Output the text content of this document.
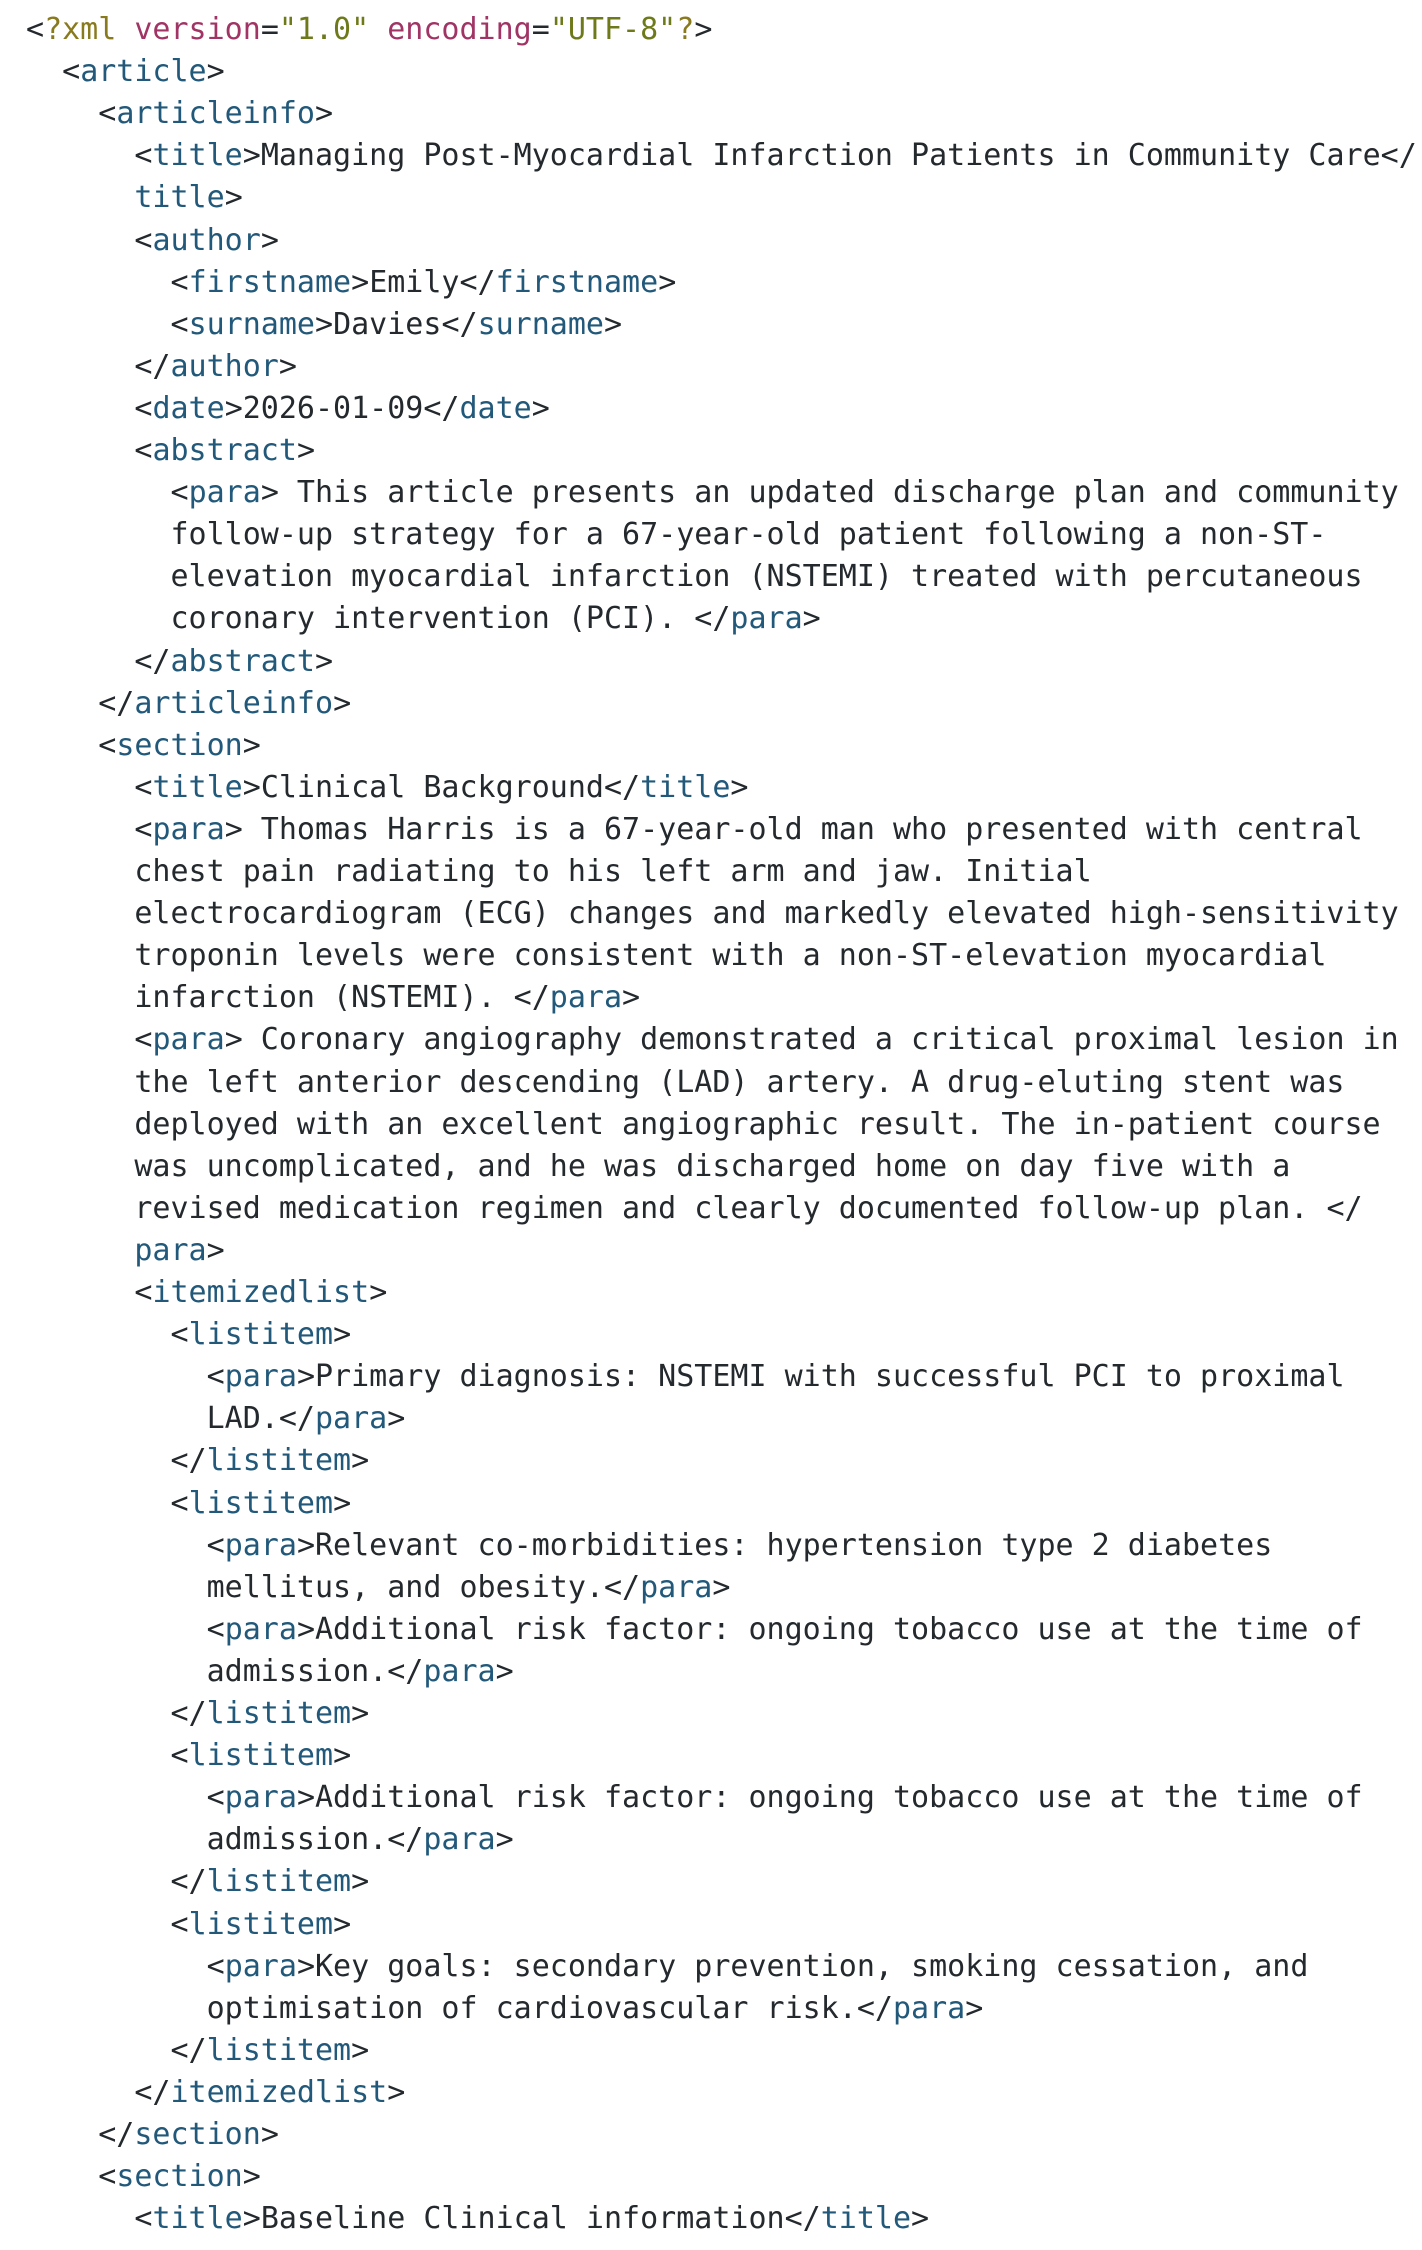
<?xml version="1.0" encoding="UTF-8"?>
<article>
<articleinfo>
<title>Managing Post-Myocardial Infarction Patients in Community Care</
title>
<author>
<firstname>Emily</firstname>
<surname>Davies</surname>
</author>
<date>2026-01-09</date>
<abstract>
<para> This article presents an updated discharge plan and community
follow-up strategy for a 67-year-old patient following a non-ST-
elevation myocardial infarction (NSTEMI) treated with percutaneous
coronary intervention (PCI). </para>
</abstract>
</articleinfo>
<section>
<title>Clinical Background</title>
<para> Thomas Harris is a 67-year-old man who presented with central
chest pain radiating to his left arm and jaw. Initial
electrocardiogram (ECG) changes and markedly elevated high-sensitivity
troponin levels were consistent with a non-ST-elevation myocardial
infarction (NSTEMI). </para>
<para> Coronary angiography demonstrated a critical proximal lesion in
the left anterior descending (LAD) artery. A drug-eluting stent was
deployed with an excellent angiographic result. The in-patient course
was uncomplicated, and he was discharged home on day five with a
revised medication regimen and clearly documented follow-up plan. </
para>
<itemizedlist>
<listitem>
<para>Primary diagnosis: NSTEMI with successful PCI to proximal
LAD.</para>
</listitem>
<listitem>
<para>Relevant co-morbidities: hypertension type 2 diabetes
mellitus, and obesity.</para>
<para>Additional risk factor: ongoing tobacco use at the time of
admission.</para>
</listitem>
<listitem>
<para>Additional risk factor: ongoing tobacco use at the time of
admission.</para>
</listitem>
<listitem>
<para>Key goals: secondary prevention, smoking cessation, and
optimisation of cardiovascular risk.</para>
</listitem>
</itemizedlist>
</section>
<section>
<title>Baseline Clinical information</title>
